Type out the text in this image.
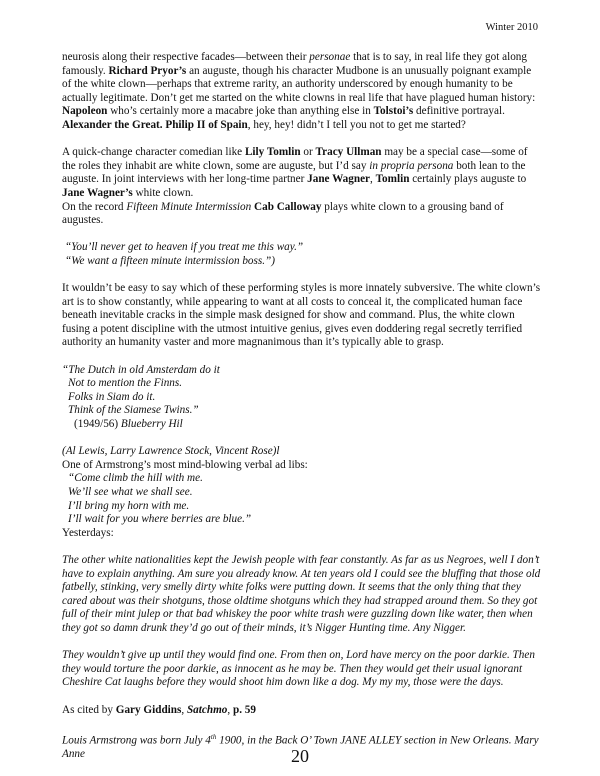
Winter 2010

neurosis along their respective facades—between their personae that is to say, in real life they got along famously. Richard Pryor’s an auguste, though his character Mudbone is an unusually poignant example of the white clown—perhaps that extreme rarity, an authority underscored by enough humanity to be actually legitimate. Don’t get me started on the white clowns in real life that have plagued human history: Napoleon who’s certainly more a macabre joke than anything else in Tolstoi’s definitive portrayal. Alexander the Great. Philip II of Spain, hey, hey! didn’t I tell you not to get me started?

A quick-change character comedian like Lily Tomlin or Tracy Ullman may be a special case—some of the roles they inhabit are white clown, some are auguste, but I’d say in propria persona both lean to the auguste. In joint interviews with her long-time partner Jane Wagner, Tomlin certainly plays auguste to Jane Wagner’s white clown.

On the record Fifteen Minute Intermission Cab Calloway plays white clown to a grousing band of augustes.

“You’ll never get to heaven if you treat me this way.”

“We want a fifteen minute intermission boss.”)

It wouldn’t be easy to say which of these performing styles is more innately subversive. The white clown’s art is to show constantly, while appearing to want at all costs to conceal it, the complicated human face beneath inevitable cracks in the simple mask designed for show and command. Plus, the white clown fusing a potent discipline with the utmost intuitive genius, gives even doddering regal secretly terrified authority an humanity vaster and more magnanimous than it’s typically able to grasp.

“The Dutch in old Amsterdam do it

Not to mention the Finns.

Folks in Siam do it.

Think of the Siamese Twins.”

(1949/56) Blueberry Hil

(Al Lewis, Larry Lawrence Stock, Vincent Rose)l

One of Armstrong’s most mind-blowing verbal ad libs:

“Come climb the hill with me.

We’ll see what we shall see.

I’ll bring my horn with me.

I’ll wait for you where berries are blue.”

Yesterdays:

The other white nationalities kept the Jewish people with fear constantly. As far as us Negroes, well I don’t have to explain anything. Am sure you already know. At ten years old I could see the bluffing that those old fatbelly, stinking, very smelly dirty white folks were putting down. It seems that the only thing that they cared about was their shotguns, those oldtime shotguns which they had strapped around them. So they got full of their mint julep or that bad whiskey the poor white trash were guzzling down like water, then when they got so damn drunk they’d go out of their minds, it’s Nigger Hunting time. Any Nigger.

They wouldn’t give up until they would find one. From then on, Lord have mercy on the poor darkie. Then they would torture the poor darkie, as innocent as he may be. Then they would get their usual ignorant Cheshire Cat laughs before they would shoot him down like a dog. My my my, those were the days.

As cited by Gary Giddins, Satchmo, p. 59

Louis Armstrong was born July 4th 1900, in the Back O’ Town JANE ALLEY section in New Orleans. Mary Anne	20
